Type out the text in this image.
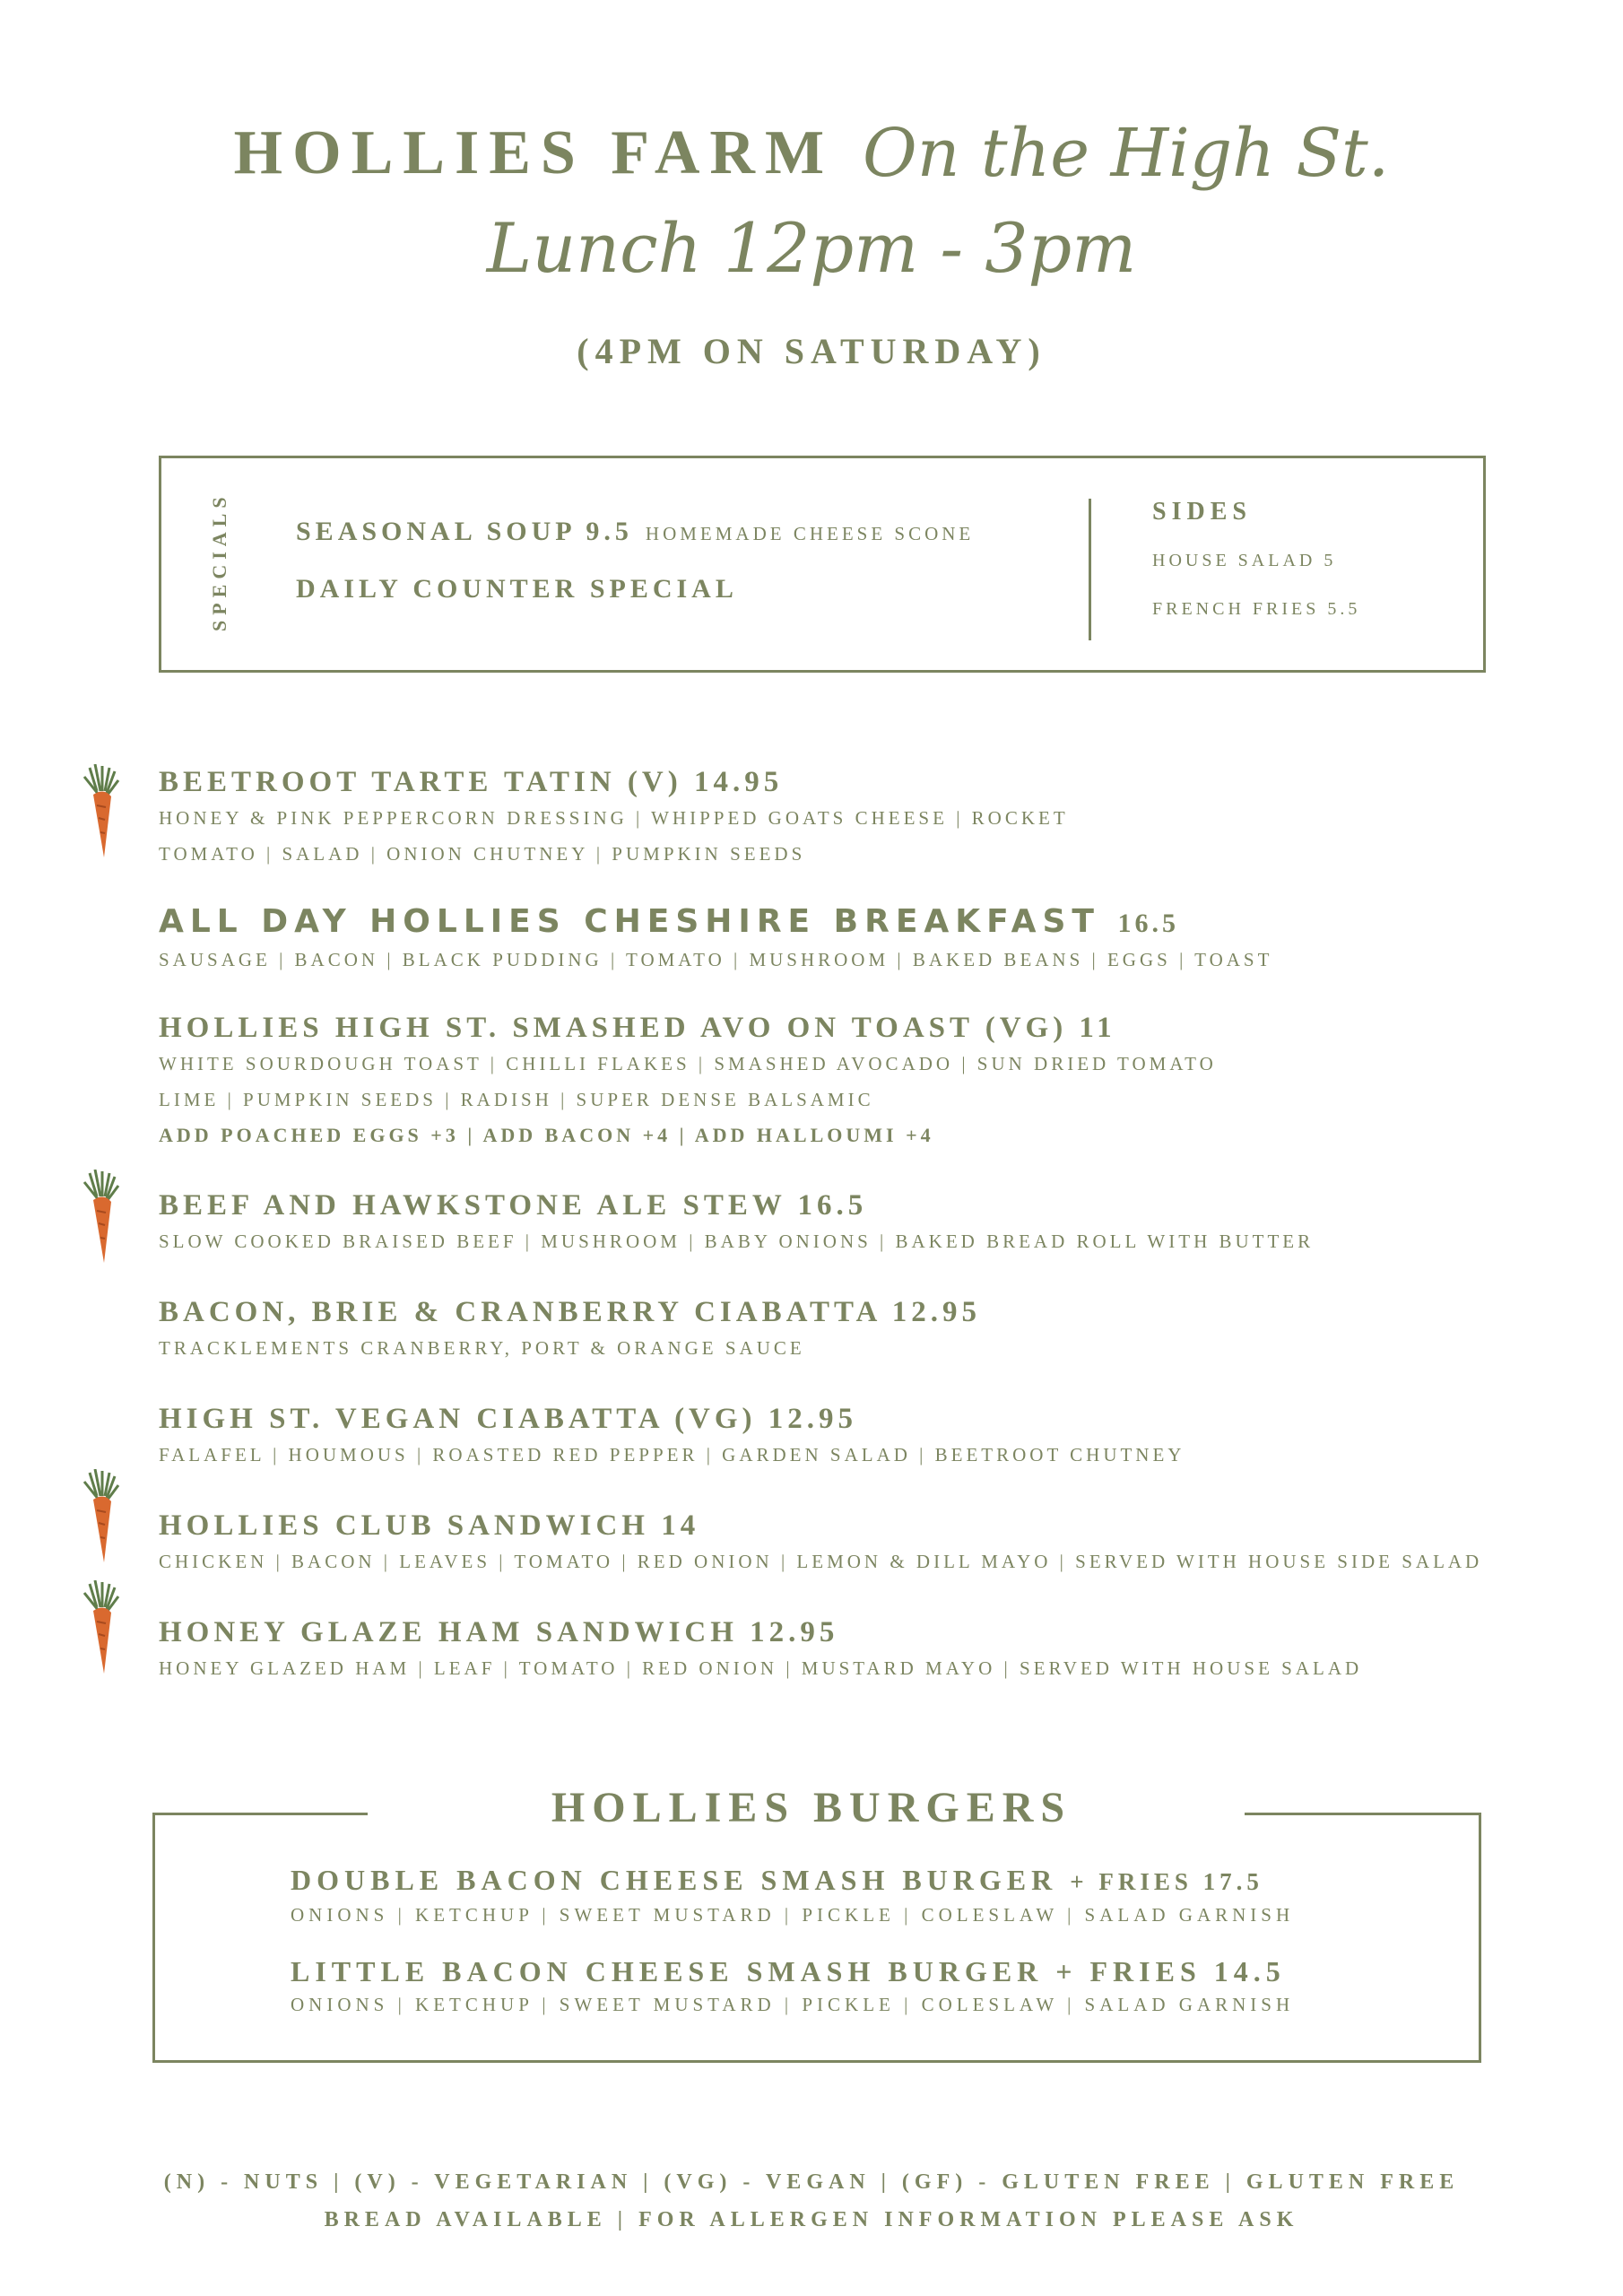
HOLLIES FARM On the High St.
Lunch 12pm - 3pm
(4PM ON SATURDAY)
SPECIALS SEASONAL SOUP 9.5 HOMEMADE CHEESE SCONE
DAILY COUNTER SPECIAL
SIDES
HOUSE SALAD 5
FRENCH FRIES 5.5
BEETROOT TARTE TATIN (V) 14.95
HONEY & PINK PEPPERCORN DRESSING | WHIPPED GOATS CHEESE | ROCKET
TOMATO | SALAD | ONION CHUTNEY | PUMPKIN SEEDS
ALL DAY HOLLIES CHESHIRE BREAKFAST 16.5
SAUSAGE | BACON | BLACK PUDDING | TOMATO | MUSHROOM | BAKED BEANS | EGGS | TOAST
HOLLIES HIGH ST. SMASHED AVO ON TOAST (VG) 11
WHITE SOURDOUGH TOAST | CHILLI FLAKES | SMASHED AVOCADO | SUN DRIED TOMATO
LIME | PUMPKIN SEEDS | RADISH | SUPER DENSE BALSAMIC
ADD POACHED EGGS +3 | ADD BACON +4 | ADD HALLOUMI +4
BEEF AND HAWKSTONE ALE STEW 16.5
SLOW COOKED BRAISED BEEF | MUSHROOM | BABY ONIONS | BAKED BREAD ROLL WITH BUTTER
BACON, BRIE & CRANBERRY CIABATTA 12.95
TRACKLEMENTS CRANBERRY, PORT & ORANGE SAUCE
HIGH ST. VEGAN CIABATTA (VG) 12.95
FALAFEL | HOUMOUS | ROASTED RED PEPPER | GARDEN SALAD | BEETROOT CHUTNEY
HOLLIES CLUB SANDWICH 14
CHICKEN | BACON | LEAVES | TOMATO | RED ONION | LEMON & DILL MAYO | SERVED WITH HOUSE SIDE SALAD
HONEY GLAZE HAM SANDWICH 12.95
HONEY GLAZED HAM | LEAF | TOMATO | RED ONION | MUSTARD MAYO | SERVED WITH HOUSE SALAD
HOLLIES BURGERS
DOUBLE BACON CHEESE SMASH BURGER + FRIES 17.5
ONIONS | KETCHUP | SWEET MUSTARD | PICKLE | COLESLAW | SALAD GARNISH
LITTLE BACON CHEESE SMASH BURGER + FRIES 14.5
ONIONS | KETCHUP | SWEET MUSTARD | PICKLE | COLESLAW | SALAD GARNISH
(N) - NUTS | (V) - VEGETARIAN | (VG) - VEGAN | (GF) - GLUTEN FREE | GLUTEN FREE
BREAD AVAILABLE | FOR ALLERGEN INFORMATION PLEASE ASK
